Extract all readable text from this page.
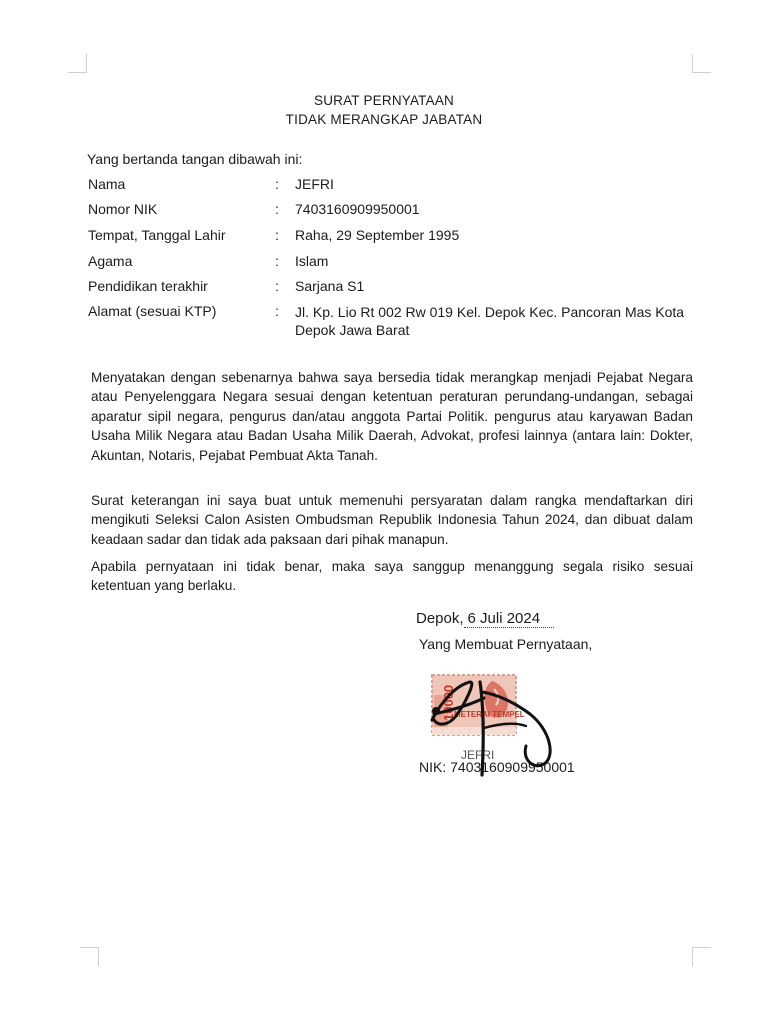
SURAT PERNYATAAN
TIDAK MERANGKAP JABATAN
Yang bertanda tangan dibawah ini:
Nama	:	JEFRI
Nomor NIK	:	7403160909950001
Tempat, Tanggal Lahir	:	Raha, 29 September 1995
Agama	:	Islam
Pendidikan terakhir	:	Sarjana S1
Alamat (sesuai KTP)	:	Jl. Kp. Lio Rt 002 Rw 019 Kel. Depok Kec. Pancoran Mas Kota Depok Jawa Barat
Menyatakan dengan sebenarnya bahwa saya bersedia tidak merangkap menjadi Pejabat Negara atau Penyelenggara Negara sesuai dengan ketentuan peraturan perundang-undangan, sebagai aparatur sipil negara, pengurus dan/atau anggota Partai Politik. pengurus atau karyawan Badan Usaha Milik Negara atau Badan Usaha Milik Daerah, Advokat, profesi lainnya (antara lain: Dokter, Akuntan, Notaris, Pejabat Pembuat Akta Tanah.
Surat keterangan ini saya buat untuk memenuhi persyaratan dalam rangka mendaftarkan diri mengikuti Seleksi Calon Asisten Ombudsman Republik Indonesia Tahun 2024, dan dibuat dalam keadaan sadar dan tidak ada paksaan dari pihak manapun.
Apabila pernyataan ini tidak benar, maka saya sanggup menanggung segala risiko sesuai ketentuan yang berlaku.
Depok, 6 Juli 2024
Yang Membuat Pernyataan,
10000
METERAI TEMPEL
JEFRI
NIK: 7403160909950001
